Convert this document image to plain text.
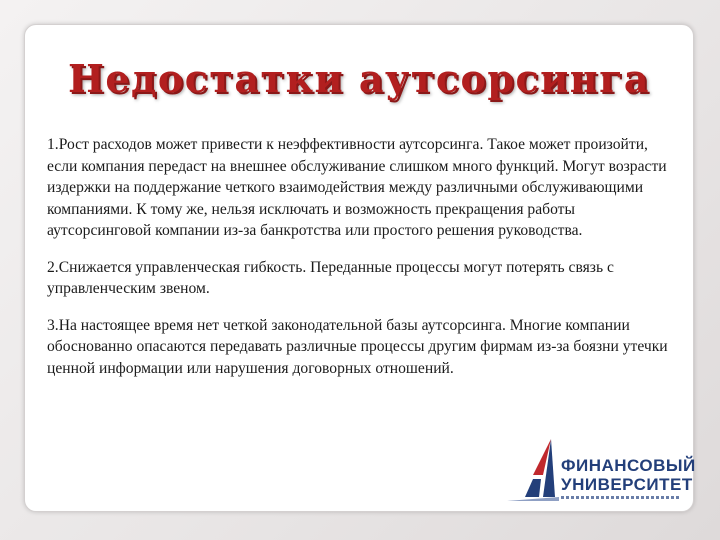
Недостатки аутсорсинга

1.Рост расходов может привести к неэффективности аутсорсинга. Такое может произойти, если компания передаст на внешнее обслуживание слишком много функций. Могут возрасти издержки на поддержание четкого взаимодействия между различными обслуживающими компаниями. К тому же, нельзя исключать и возможность прекращения работы аутсорсинговой компании из-за банкротства или простого решения руководства.

2.Снижается управленческая гибкость. Переданные процессы могут потерять связь с управленческим звеном.

3.На настоящее время нет четкой законодательной базы аутсорсинга. Многие компании обоснованно опасаются передавать различные процессы другим фирмам из-за боязни утечки ценной информации или нарушения договорных отношений.

ФИНАНСОВЫЙ
УНИВЕРСИТЕТ
